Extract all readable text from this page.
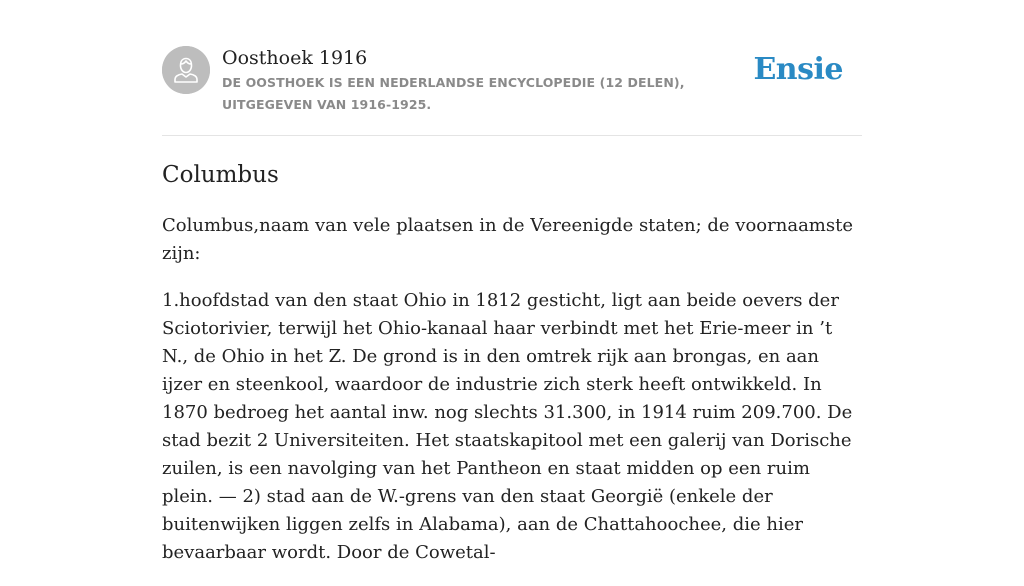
Oosthoek 1916
DE OOSTHOEK IS EEN NEDERLANDSE ENCYCLOPEDIE (12 DELEN), UITGEGEVEN VAN 1916-1925.
Ensie
Columbus

Columbus,naam van vele plaatsen in de Vereenigde staten; de voornaamste zijn:

1.hoofdstad van den staat Ohio in 1812 gesticht, ligt aan beide oevers der Sciotorivier, terwijl het Ohio-kanaal haar verbindt met het Erie-meer in ’t N., de Ohio in het Z. De grond is in den omtrek rijk aan brongas, en aan ijzer en steenkool, waardoor de industrie zich sterk heeft ontwikkeld. In 1870 bedroeg het aantal inw. nog slechts 31.300, in 1914 ruim 209.700. De stad bezit 2 Universiteiten. Het staatskapitool met een galerij van Dorische zuilen, is een navolging van het Pantheon en staat midden op een ruim plein. — 2) stad aan de W.-grens van den staat Georgië (enkele der buitenwijken liggen zelfs in Alabama), aan de Chattahoochee, die hier bevaarbaar wordt. Door de Cowetal-
